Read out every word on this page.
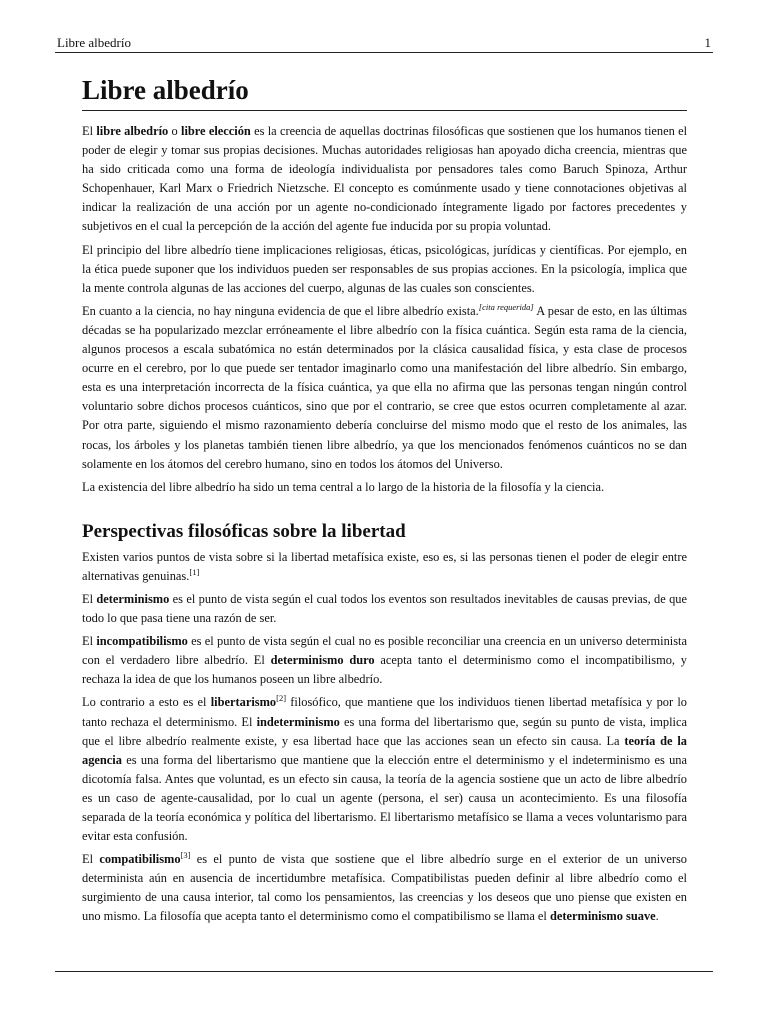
Libre albedrío	1
Libre albedrío

El libre albedrío o libre elección es la creencia de aquellas doctrinas filosóficas que sostienen que los humanos tienen el poder de elegir y tomar sus propias decisiones. Muchas autoridades religiosas han apoyado dicha creencia, mientras que ha sido criticada como una forma de ideología individualista por pensadores tales como Baruch Spinoza, Arthur Schopenhauer, Karl Marx o Friedrich Nietzsche. El concepto es comúnmente usado y tiene connotaciones objetivas al indicar la realización de una acción por un agente no-condicionado íntegramente ligado por factores precedentes y subjetivos en el cual la percepción de la acción del agente fue inducida por su propia voluntad.

El principio del libre albedrío tiene implicaciones religiosas, éticas, psicológicas, jurídicas y científicas. Por ejemplo, en la ética puede suponer que los individuos pueden ser responsables de sus propias acciones. En la psicología, implica que la mente controla algunas de las acciones del cuerpo, algunas de las cuales son conscientes.

En cuanto a la ciencia, no hay ninguna evidencia de que el libre albedrío exista.[cita requerida] A pesar de esto, en las últimas décadas se ha popularizado mezclar erróneamente el libre albedrío con la física cuántica. Según esta rama de la ciencia, algunos procesos a escala subatómica no están determinados por la clásica causalidad física, y esta clase de procesos ocurre en el cerebro, por lo que puede ser tentador imaginarlo como una manifestación del libre albedrío. Sin embargo, esta es una interpretación incorrecta de la física cuántica, ya que ella no afirma que las personas tengan ningún control voluntario sobre dichos procesos cuánticos, sino que por el contrario, se cree que estos ocurren completamente al azar. Por otra parte, siguiendo el mismo razonamiento debería concluirse del mismo modo que el resto de los animales, las rocas, los árboles y los planetas también tienen libre albedrío, ya que los mencionados fenómenos cuánticos no se dan solamente en los átomos del cerebro humano, sino en todos los átomos del Universo.

La existencia del libre albedrío ha sido un tema central a lo largo de la historia de la filosofía y la ciencia.

Perspectivas filosóficas sobre la libertad

Existen varios puntos de vista sobre si la libertad metafísica existe, eso es, si las personas tienen el poder de elegir entre alternativas genuinas.[1]

El determinismo es el punto de vista según el cual todos los eventos son resultados inevitables de causas previas, de que todo lo que pasa tiene una razón de ser.

El incompatibilismo es el punto de vista según el cual no es posible reconciliar una creencia en un universo determinista con el verdadero libre albedrío. El determinismo duro acepta tanto el determinismo como el incompatibilismo, y rechaza la idea de que los humanos poseen un libre albedrío.

Lo contrario a esto es el libertarismo[2] filosófico, que mantiene que los individuos tienen libertad metafísica y por lo tanto rechaza el determinismo. El indeterminismo es una forma del libertarismo que, según su punto de vista, implica que el libre albedrío realmente existe, y esa libertad hace que las acciones sean un efecto sin causa. La teoría de la agencia es una forma del libertarismo que mantiene que la elección entre el determinismo y el indeterminismo es una dicotomía falsa. Antes que voluntad, es un efecto sin causa, la teoría de la agencia sostiene que un acto de libre albedrío es un caso de agente-causalidad, por lo cual un agente (persona, el ser) causa un acontecimiento. Es una filosofía separada de la teoría económica y política del libertarismo. El libertarismo metafísico se llama a veces voluntarismo para evitar esta confusión.

El compatibilismo[3] es el punto de vista que sostiene que el libre albedrío surge en el exterior de un universo determinista aún en ausencia de incertidumbre metafísica. Compatibilistas pueden definir al libre albedrío como el surgimiento de una causa interior, tal como los pensamientos, las creencias y los deseos que uno piense que existen en uno mismo. La filosofía que acepta tanto el determinismo como el compatibilismo se llama el determinismo suave.
